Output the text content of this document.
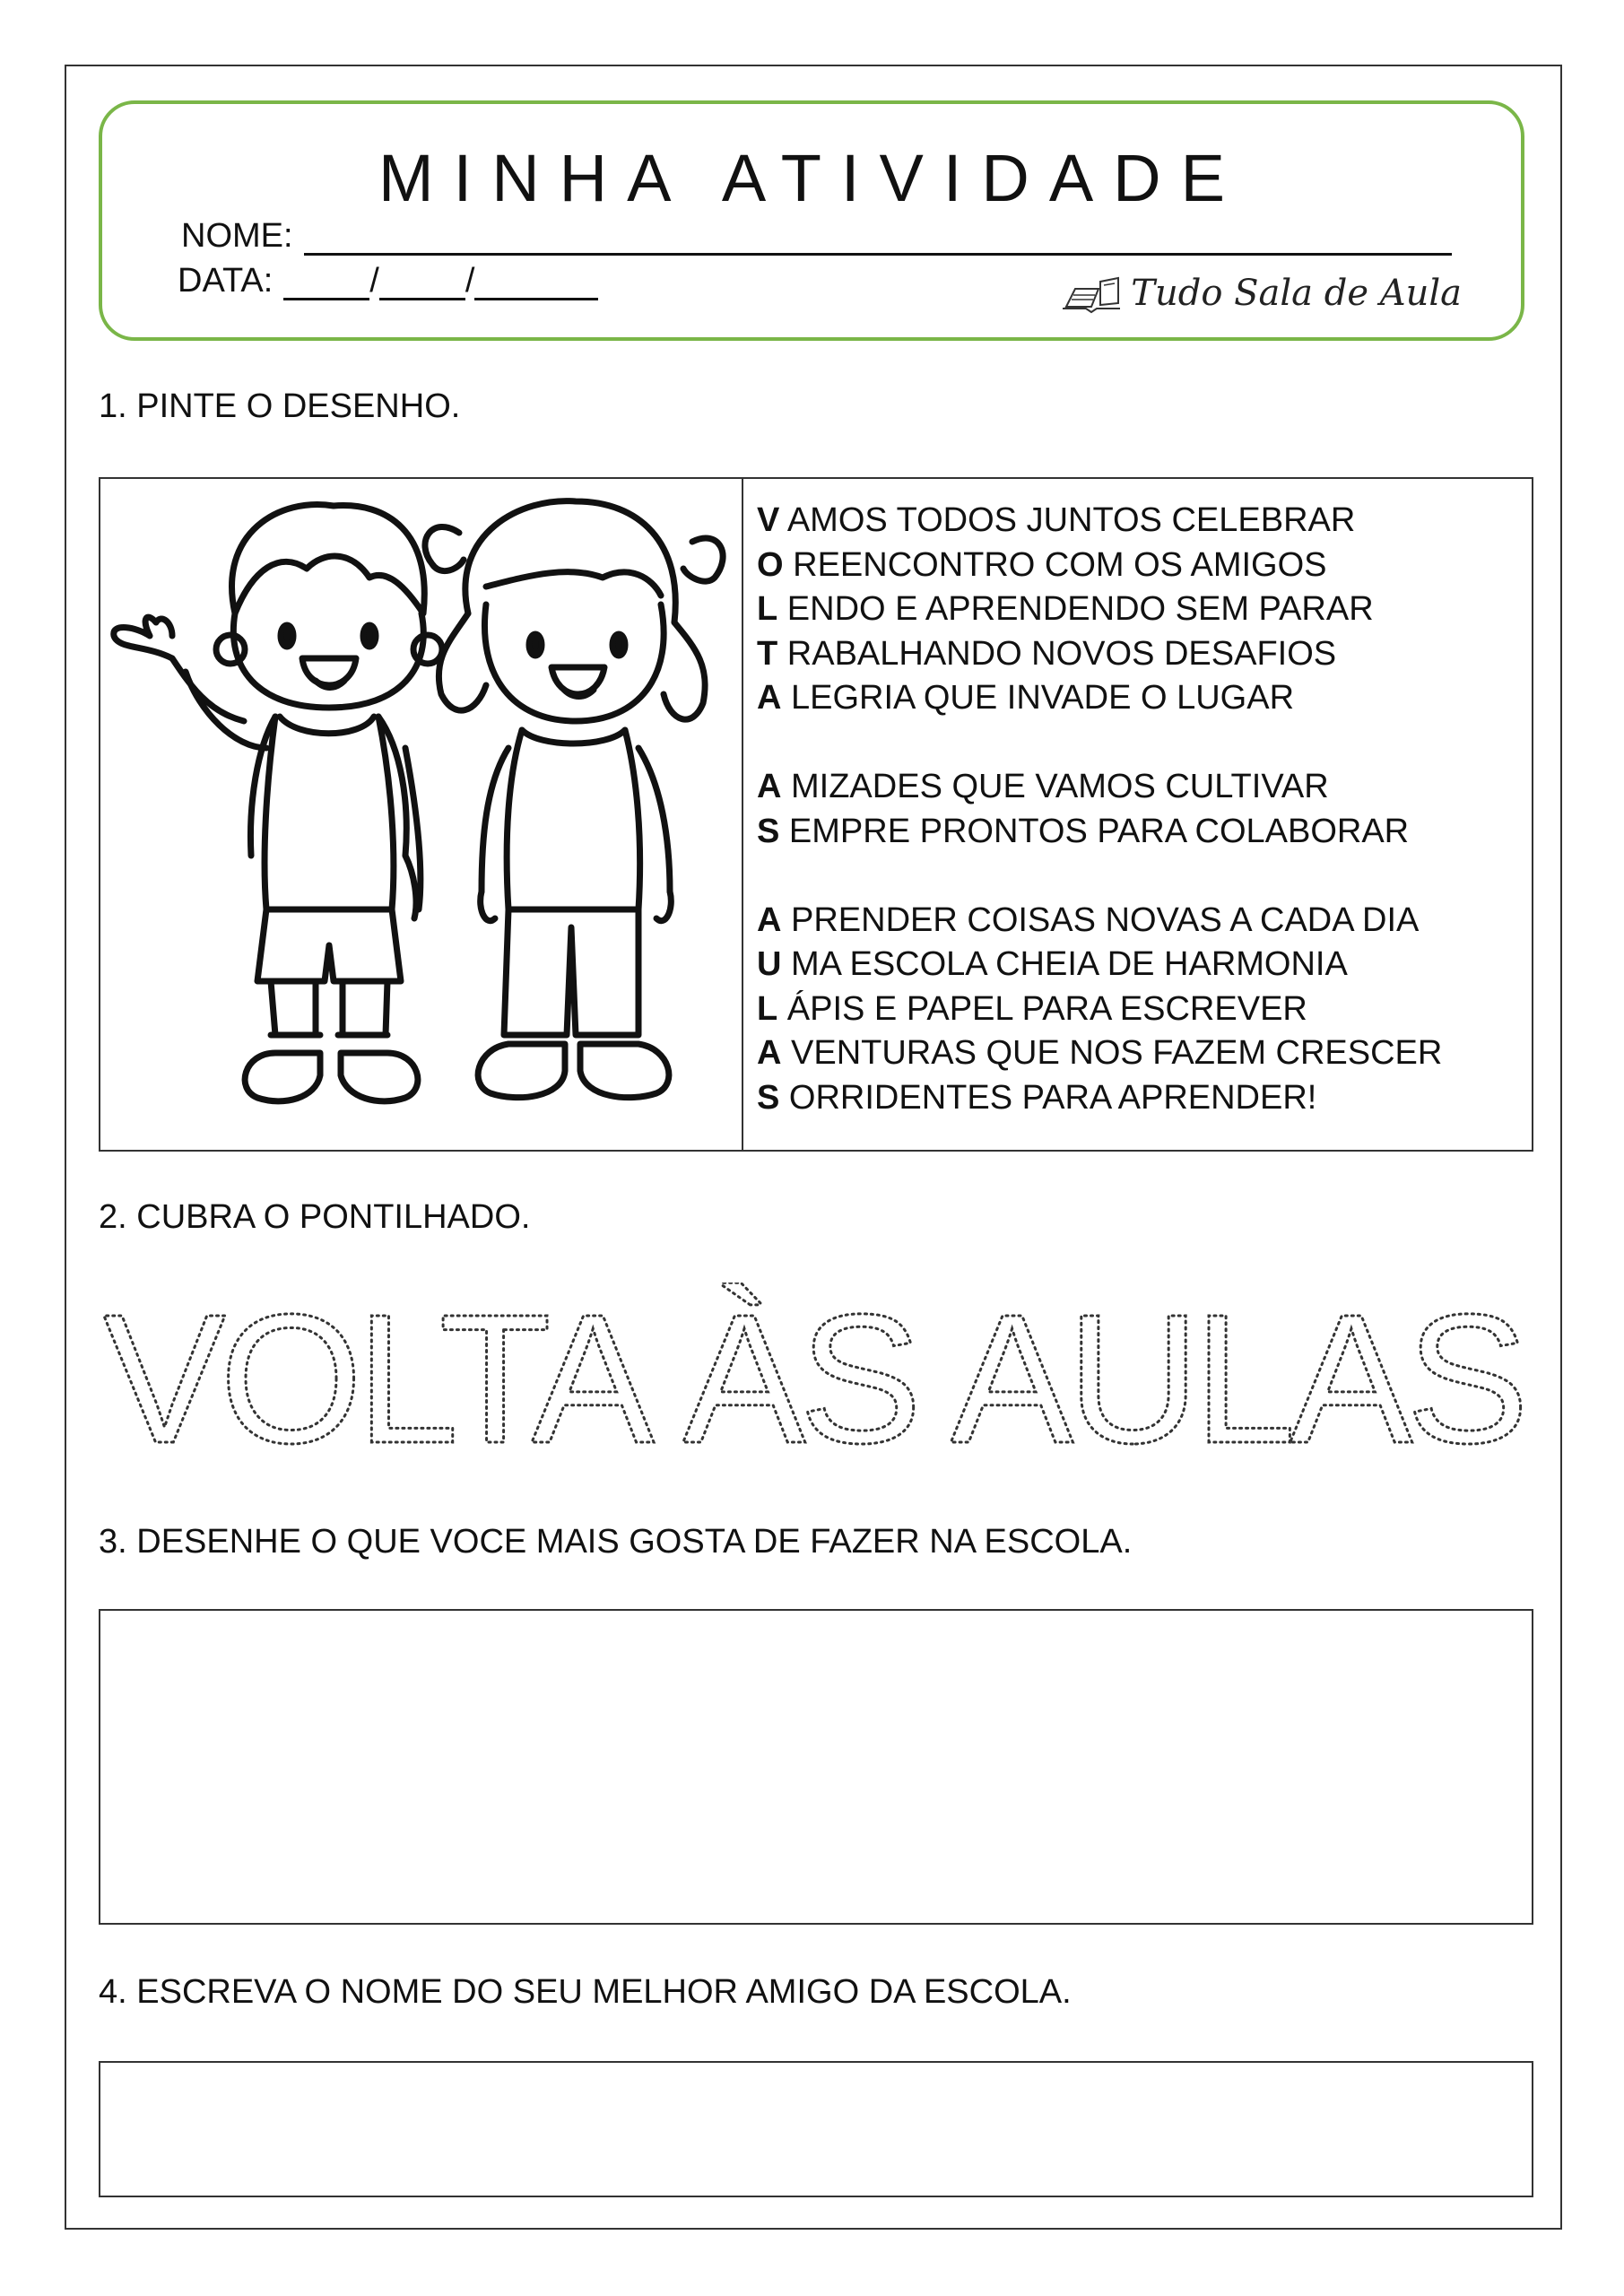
MINHA ATIVIDADE
NOME:
DATA:	/	/	Tudo Sala de Aula
1. PINTE O DESENHO.
V AMOS TODOS JUNTOS CELEBRAR
O REENCONTRO COM OS AMIGOS
L ENDO E APRENDENDO SEM PARAR
T RABALHANDO NOVOS DESAFIOS
A LEGRIA QUE INVADE O LUGAR
A MIZADES QUE VAMOS CULTIVAR
S EMPRE PRONTOS PARA COLABORAR
A PRENDER COISAS NOVAS A CADA DIA
U MA ESCOLA CHEIA DE HARMONIA
L ÁPIS E PAPEL PARA ESCREVER
A VENTURAS QUE NOS FAZEM CRESCER
S ORRIDENTES PARA APRENDER!
2. CUBRA O PONTILHADO.
VOLTA ÀS AULAS
3. DESENHE O QUE VOCE MAIS GOSTA DE FAZER NA ESCOLA.
4. ESCREVA O NOME DO SEU MELHOR AMIGO DA ESCOLA.
